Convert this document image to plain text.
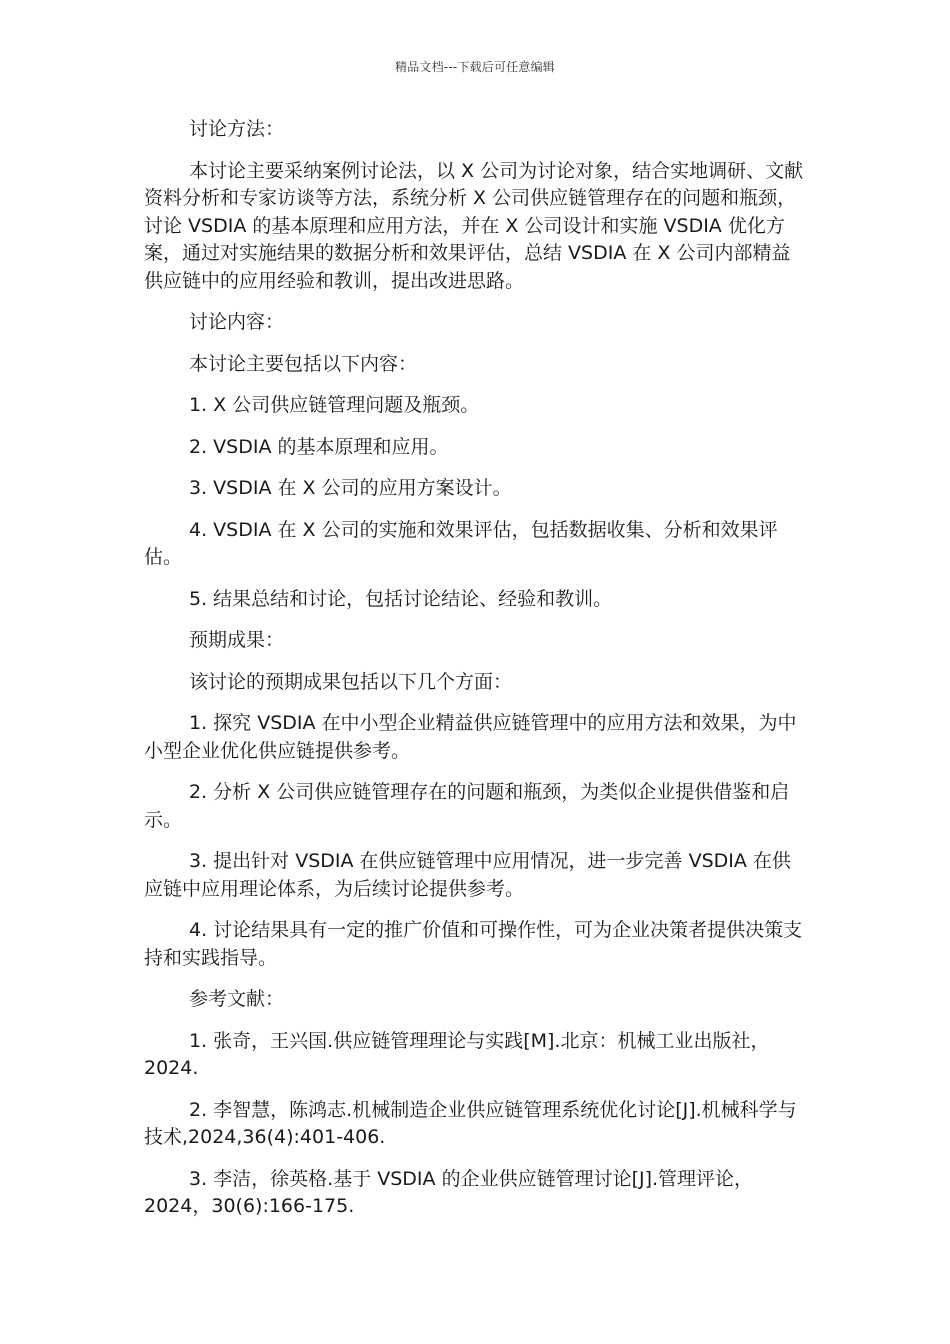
精品文档---下载后可任意编辑

讨论方法：

本讨论主要采纳案例讨论法，以 X 公司为讨论对象，结合实地调研、文献资料分析和专家访谈等方法，系统分析 X 公司供应链管理存在的问题和瓶颈，讨论 VSDIA 的基本原理和应用方法，并在 X 公司设计和实施 VSDIA 优化方案，通过对实施结果的数据分析和效果评估，总结 VSDIA 在 X 公司内部精益供应链中的应用经验和教训，提出改进思路。

讨论内容：

本讨论主要包括以下内容：

1. X 公司供应链管理问题及瓶颈。

2. VSDIA 的基本原理和应用。

3. VSDIA 在 X 公司的应用方案设计。

4. VSDIA 在 X 公司的实施和效果评估，包括数据收集、分析和效果评估。

5. 结果总结和讨论，包括讨论结论、经验和教训。

预期成果：

该讨论的预期成果包括以下几个方面：

1. 探究 VSDIA 在中小型企业精益供应链管理中的应用方法和效果，为中小型企业优化供应链提供参考。

2. 分析 X 公司供应链管理存在的问题和瓶颈，为类似企业提供借鉴和启示。

3. 提出针对 VSDIA 在供应链管理中应用情况，进一步完善 VSDIA 在供应链中应用理论体系，为后续讨论提供参考。

4. 讨论结果具有一定的推广价值和可操作性，可为企业决策者提供决策支持和实践指导。

参考文献：

1. 张奇，王兴国.供应链管理理论与实践[M].北京：机械工业出版社，2024.

2. 李智慧，陈鸿志.机械制造企业供应链管理系统优化讨论[J].机械科学与技术,2024,36(4):401-406.

3. 李洁，徐英格.基于 VSDIA 的企业供应链管理讨论[J].管理评论，2024，30(6):166-175.
